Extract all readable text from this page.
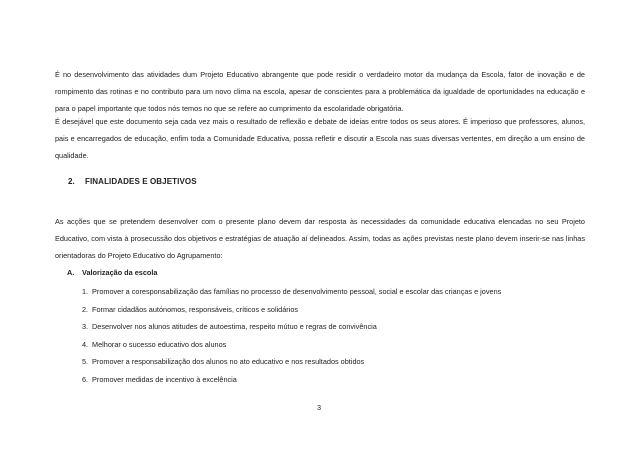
É no desenvolvimento das atividades dum Projeto Educativo abrangente que pode residir o verdadeiro motor da mudança da Escola, fator de inovação e de rompimento das rotinas e no contributo para um novo clima na escola, apesar de conscientes para a problemática da igualdade de oportunidades na educação e para o papel importante que todos nós temos no que se refere ao cumprimento da escolaridade obrigatória.

É desejável que este documento seja cada vez mais o resultado de reflexão e debate de ideias entre todos os seus atores. É imperioso que professores, alunos, pais e encarregados de educação, enfim toda a Comunidade Educativa, possa refletir e discutir a Escola nas suas diversas vertentes, em direção a um ensino de qualidade.

2. FINALIDADES E OBJETIVOS

As acções que se pretendem desenvolver com o presente plano devem dar resposta às necessidades da comunidade educativa elencadas no seu Projeto Educativo, com vista à prosecussão dos objetivos e estratégias de atuação aí delineados. Assim, todas as ações previstas neste plano devem inserir-se nas linhas orientadoras do Projeto Educativo do Agrupamento:

A. Valorização da escola
1. Promover a coresponsabilização das famílias no processo de desenvolvimento pessoal, social e escolar das crianças e jovens
2. Formar cidadãos autónomos, responsáveis, críticos e solidários
3. Desenvolver nos alunos atitudes de autoestima, respeito mútuo e regras de convivência
4. Melhorar o sucesso educativo dos alunos
5. Promover a responsabilização dos alunos no ato educativo e nos resultados obtidos
6. Promover medidas de incentivo à excelência
3
